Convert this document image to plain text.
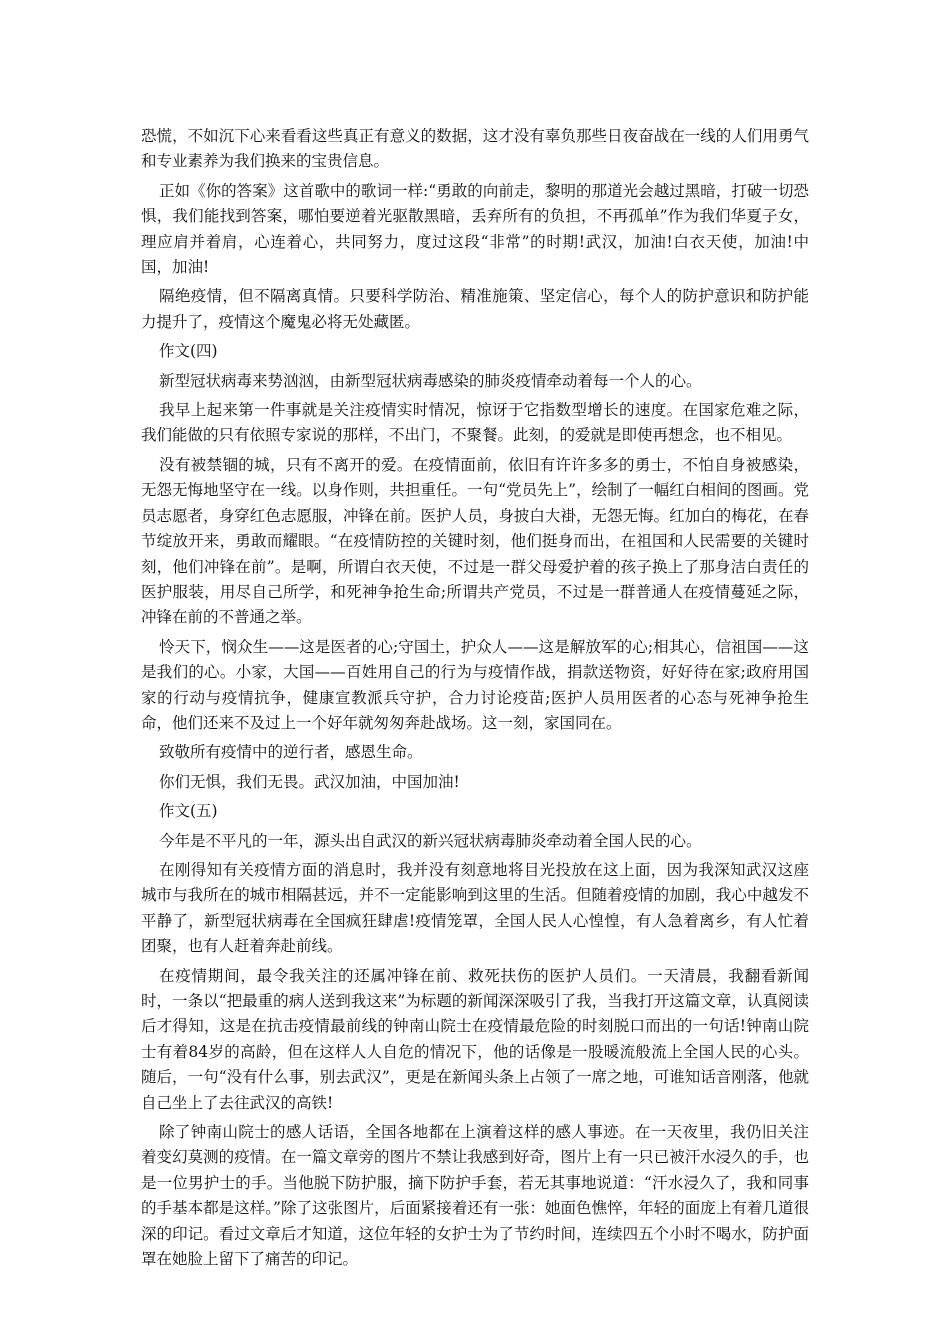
恐慌，不如沉下心来看看这些真正有意义的数据，这才没有辜负那些日夜奋战在一线的人们用勇气和专业素养为我们换来的宝贵信息。

正如《你的答案》这首歌中的歌词一样:“勇敢的向前走，黎明的那道光会越过黑暗，打破一切恐惧，我们能找到答案，哪怕要逆着光驱散黑暗，丢弃所有的负担，不再孤单”作为我们华夏子女，理应肩并着肩，心连着心，共同努力，度过这段“非常”的时期!武汉，加油!白衣天使，加油!中国，加油!

隔绝疫情，但不隔离真情。只要科学防治、精准施策、坚定信心，每个人的防护意识和防护能力提升了，疫情这个魔鬼必将无处藏匿。

作文(四)

新型冠状病毒来势汹汹，由新型冠状病毒感染的肺炎疫情牵动着每一个人的心。

我早上起来第一件事就是关注疫情实时情况，惊讶于它指数型增长的速度。在国家危难之际，我们能做的只有依照专家说的那样，不出门，不聚餐。此刻，的爱就是即使再想念，也不相见。

没有被禁锢的城，只有不离开的爱。在疫情面前，依旧有许许多多的勇士，不怕自身被感染，无怨无悔地坚守在一线。以身作则，共担重任。一句“党员先上”，绘制了一幅红白相间的图画。党员志愿者，身穿红色志愿服，冲锋在前。医护人员，身披白大褂，无怨无悔。红加白的梅花，在春节绽放开来，勇敢而耀眼。“在疫情防控的关键时刻，他们挺身而出，在祖国和人民需要的关键时刻，他们冲锋在前”。是啊，所谓白衣天使，不过是一群父母爱护着的孩子换上了那身洁白责任的医护服装，用尽自己所学，和死神争抢生命;所谓共产党员，不过是一群普通人在疫情蔓延之际，冲锋在前的不普通之举。

怜天下，悯众生——这是医者的心;守国土，护众人——这是解放军的心;相其心，信祖国——这是我们的心。小家，大国——百姓用自己的行为与疫情作战，捐款送物资，好好待在家;政府用国家的行动与疫情抗争，健康宣教派兵守护，合力讨论疫苗;医护人员用医者的心态与死神争抢生命，他们还来不及过上一个好年就匆匆奔赴战场。这一刻，家国同在。

致敬所有疫情中的逆行者，感恩生命。

你们无惧，我们无畏。武汉加油，中国加油!

作文(五)

今年是不平凡的一年，源头出自武汉的新兴冠状病毒肺炎牵动着全国人民的心。

在刚得知有关疫情方面的消息时，我并没有刻意地将目光投放在这上面，因为我深知武汉这座城市与我所在的城市相隔甚远，并不一定能影响到这里的生活。但随着疫情的加剧，我心中越发不平静了，新型冠状病毒在全国疯狂肆虐!疫情笼罩，全国人民人心惶惶，有人急着离乡，有人忙着团聚，也有人赶着奔赴前线。

在疫情期间，最令我关注的还属冲锋在前、救死扶伤的医护人员们。一天清晨，我翻看新闻时，一条以“把最重的病人送到我这来”为标题的新闻深深吸引了我，当我打开这篇文章，认真阅读后才得知，这是在抗击疫情最前线的钟南山院士在疫情最危险的时刻脱口而出的一句话!钟南山院士有着84岁的高龄，但在这样人人自危的情况下，他的话像是一股暖流般流上全国人民的心头。随后，一句“没有什么事，别去武汉”，更是在新闻头条上占领了一席之地，可谁知话音刚落，他就自己坐上了去往武汉的高铁!

除了钟南山院士的感人话语，全国各地都在上演着这样的感人事迹。在一天夜里，我仍旧关注着变幻莫测的疫情。在一篇文章旁的图片不禁让我感到好奇，图片上有一只已被汗水浸久的手，也是一位男护士的手。当他脱下防护服，摘下防护手套，若无其事地说道：“汗水浸久了，我和同事的手基本都是这样。”除了这张图片，后面紧接着还有一张：她面色憔悴，年轻的面庞上有着几道很深的印记。看过文章后才知道，这位年轻的女护士为了节约时间，连续四五个小时不喝水，防护面罩在她脸上留下了痛苦的印记。
